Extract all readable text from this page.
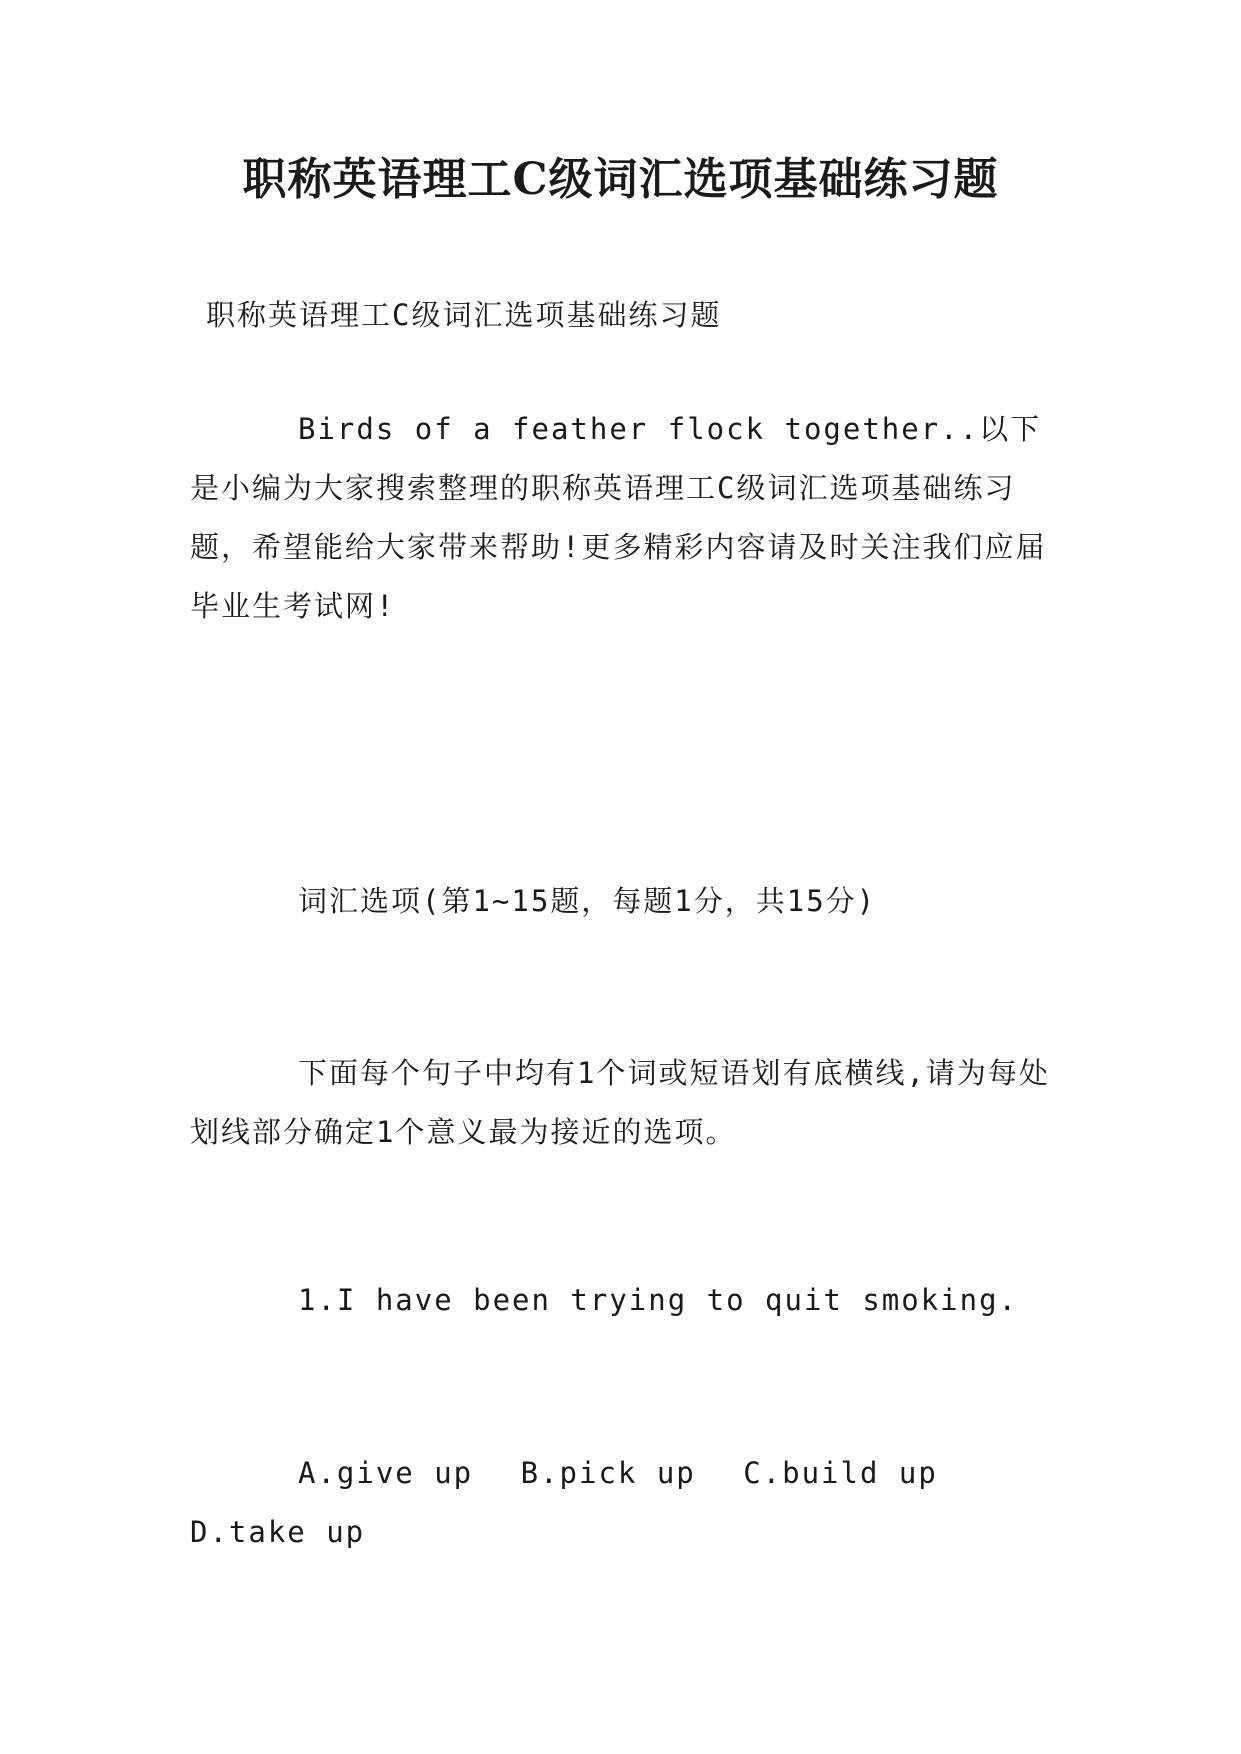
职称英语理工C级词汇选项基础练习题

职称英语理工C级词汇选项基础练习题

Birds of a feather flock together..以下是小编为大家搜索整理的职称英语理工C级词汇选项基础练习题，希望能给大家带来帮助!更多精彩内容请及时关注我们应届毕业生考试网!

词汇选项(第1~15题，每题1分，共15分)

下面每个句子中均有1个词或短语划有底横线,请为每处划线部分确定1个意义最为接近的选项。

1.I have been trying to quit smoking.

A.give up B.pick up C.build up D.take up
